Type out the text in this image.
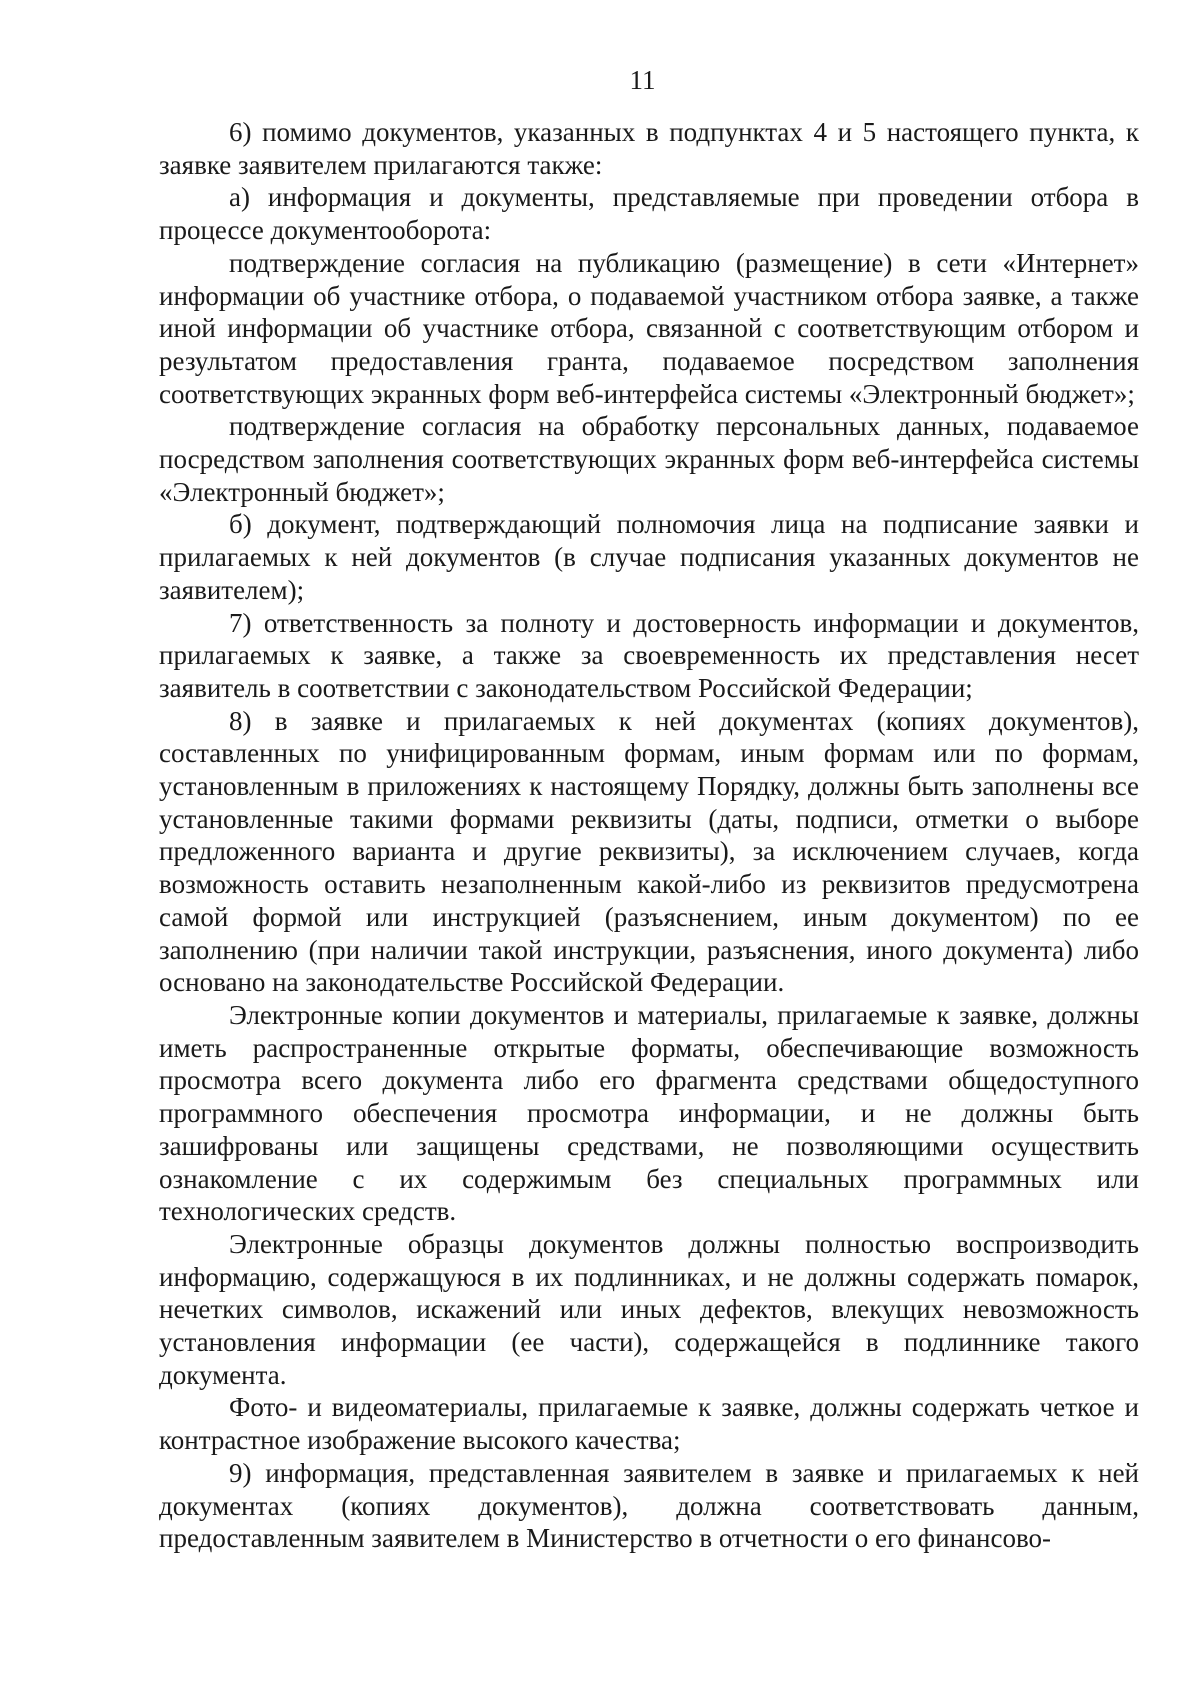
11

6) помимо документов, указанных в подпунктах 4 и 5 настоящего пункта, к заявке заявителем прилагаются также:

а) информация и документы, представляемые при проведении отбора в процессе документооборота:

подтверждение согласия на публикацию (размещение) в сети «Интернет» информации об участнике отбора, о подаваемой участником отбора заявке, а также иной информации об участнике отбора, связанной с соответствующим отбором и результатом предоставления гранта, подаваемое посредством заполнения соответствующих экранных форм веб-интерфейса системы «Электронный бюджет»;

подтверждение согласия на обработку персональных данных, подаваемое посредством заполнения соответствующих экранных форм веб-интерфейса системы «Электронный бюджет»;

б) документ, подтверждающий полномочия лица на подписание заявки и прилагаемых к ней документов (в случае подписания указанных документов не заявителем);

7) ответственность за полноту и достоверность информации и документов, прилагаемых к заявке, а также за своевременность их представления несет заявитель в соответствии с законодательством Российской Федерации;

8) в заявке и прилагаемых к ней документах (копиях документов), составленных по унифицированным формам, иным формам или по формам, установленным в приложениях к настоящему Порядку, должны быть заполнены все установленные такими формами реквизиты (даты, подписи, отметки о выборе предложенного варианта и другие реквизиты), за исключением случаев, когда возможность оставить незаполненным какой-либо из реквизитов предусмотрена самой формой или инструкцией (разъяснением, иным документом) по ее заполнению (при наличии такой инструкции, разъяснения, иного документа) либо основано на законодательстве Российской Федерации.

Электронные копии документов и материалы, прилагаемые к заявке, должны иметь распространенные открытые форматы, обеспечивающие возможность просмотра всего документа либо его фрагмента средствами общедоступного программного обеспечения просмотра информации, и не должны быть зашифрованы или защищены средствами, не позволяющими осуществить ознакомление с их содержимым без специальных программных или технологических средств.

Электронные образцы документов должны полностью воспроизводить информацию, содержащуюся в их подлинниках, и не должны содержать помарок, нечетких символов, искажений или иных дефектов, влекущих невозможность установления информации (ее части), содержащейся в подлиннике такого документа.

Фото- и видеоматериалы, прилагаемые к заявке, должны содержать четкое и контрастное изображение высокого качества;

9) информация, представленная заявителем в заявке и прилагаемых к ней документах (копиях документов), должна соответствовать данным, предоставленным заявителем в Министерство в отчетности о его финансово-
